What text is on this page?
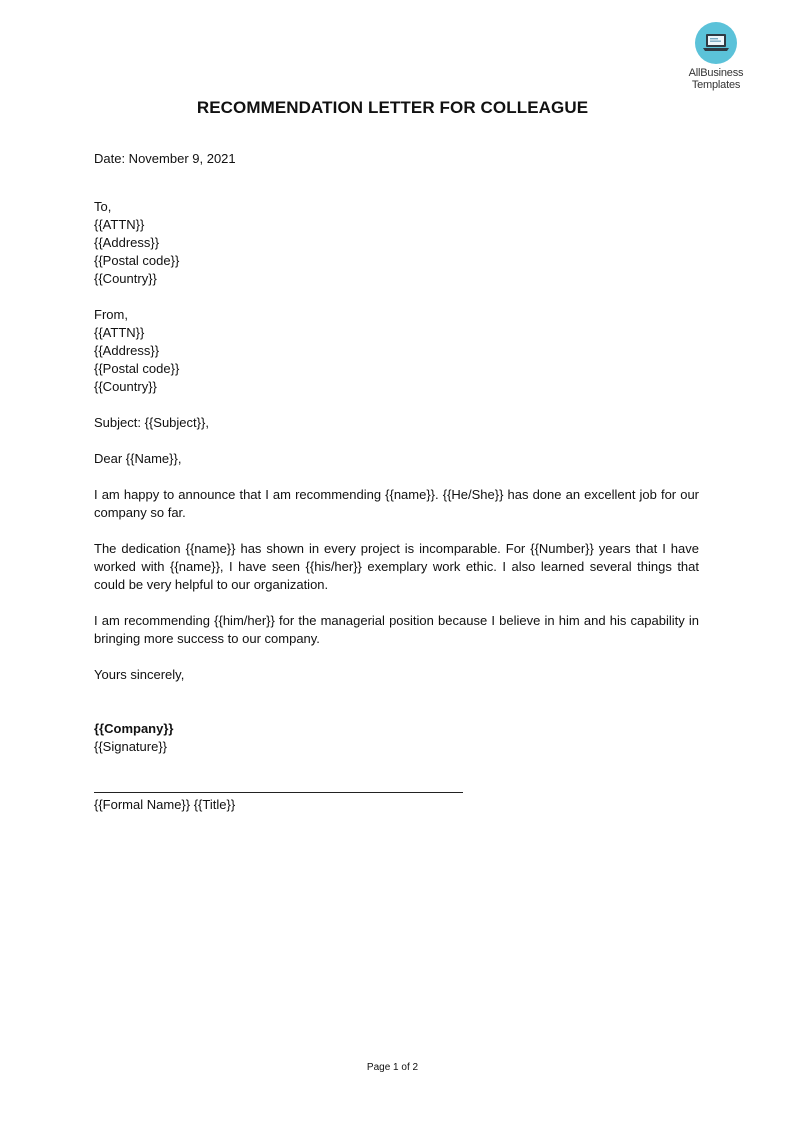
AllBusiness
Templates
RECOMMENDATION LETTER FOR COLLEAGUE

Date: November 9, 2021

To,

{{ATTN}}

{{Address}}

{{Postal code}}

{{Country}}

From,

{{ATTN}}

{{Address}}

{{Postal code}}

{{Country}}

Subject: {{Subject}},

Dear {{Name}},

I am happy to announce that I am recommending {{name}}. {{He/She}} has done an excellent job for our company so far.

The dedication {{name}} has shown in every project is incomparable. For {{Number}} years that I have worked with {{name}}, I have seen {{his/her}} exemplary work ethic. I also learned several things that could be very helpful to our organization.

I am recommending {{him/her}} for the managerial position because I believe in him and his capability in bringing more success to our company.

Yours sincerely,

{{Company}}

{{Signature}}

{{Formal Name}} {{Title}}

Page 1 of 2
